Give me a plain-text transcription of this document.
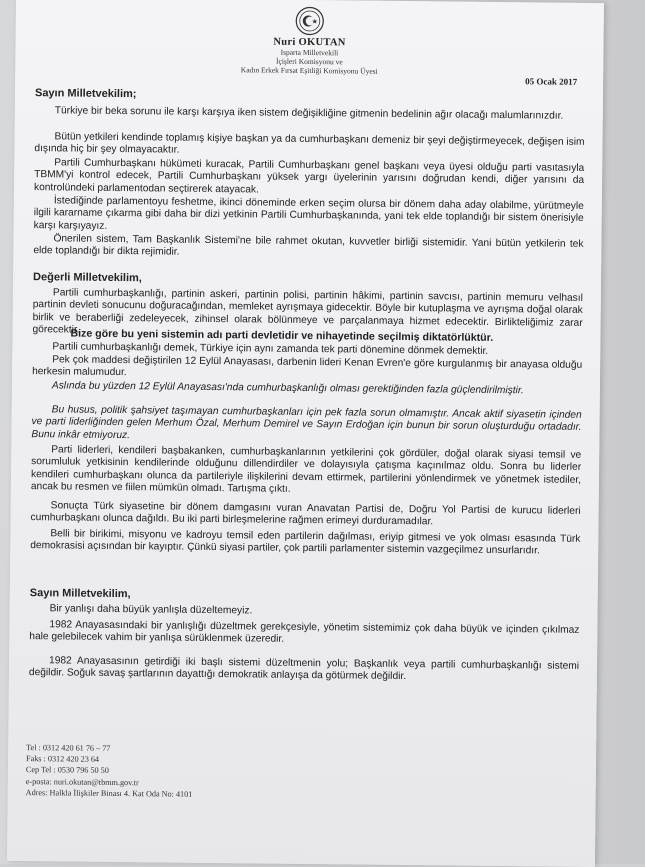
Nuri OKUTAN
Isparta Milletvekili
İçişleri Komisyonu ve
Kadın Erkek Fırsat Eşitliği Komisyonu Üyesi
05 Ocak 2017
Sayın Milletvekilim;
Türkiye bir beka sorunu ile karşı karşıya iken sistem değişikliğine gitmenin bedelinin ağır olacağı malumlarınızdır.
Bütün yetkileri kendinde toplamış kişiye başkan ya da cumhurbaşkanı demeniz bir şeyi değiştirmeyecek, değişen isim dışında hiç bir şey olmayacaktır.
Partili Cumhurbaşkanı hükümeti kuracak, Partili Cumhurbaşkanı genel başkanı veya üyesi olduğu parti vasıtasıyla TBMM'yi kontrol edecek, Partili Cumhurbaşkanı yüksek yargı üyelerinin yarısını doğrudan kendi, diğer yarısını da kontrolündeki parlamentodan seçtirerek atayacak.
İstediğinde parlamentoyu feshetme, ikinci döneminde erken seçim olursa bir dönem daha aday olabilme, yürütmeyle ilgili kararname çıkarma gibi daha bir dizi yetkinin Partili Cumhurbaşkanında, yani tek elde toplandığı bir sistem önerisiyle karşı karşıyayız.
Önerilen sistem, Tam Başkanlık Sistemi'ne bile rahmet okutan, kuvvetler birliği sistemidir. Yani bütün yetkilerin tek elde toplandığı bir dikta rejimidir.
Değerli Milletvekilim,
Partili cumhurbaşkanlığı, partinin askeri, partinin polisi, partinin hâkimi, partinin savcısı, partinin memuru velhasıl partinin devleti sonucunu doğuracağından, memleket ayrışmaya gidecektir. Böyle bir kutuplaşma ve ayrışma doğal olarak birlik ve beraberliği zedeleyecek, zihinsel olarak bölünmeye ve parçalanmaya hizmet edecektir. Birlikteliğimiz zarar görecektir.
Bize göre bu yeni sistemin adı parti devletidir ve nihayetinde seçilmiş diktatörlüktür.
Partili cumhurbaşkanlığı demek, Türkiye için aynı zamanda tek parti dönemine dönmek demektir.
Pek çok maddesi değiştirilen 12 Eylül Anayasası, darbenin lideri Kenan Evren'e göre kurgulanmış bir anayasa olduğu herkesin malumudur.
Aslında bu yüzden 12 Eylül Anayasası'nda cumhurbaşkanlığı olması gerektiğinden fazla güçlendirilmiştir.
Bu husus, politik şahsiyet taşımayan cumhurbaşkanları için pek fazla sorun olmamıştır. Ancak aktif siyasetin içinden ve parti liderliğinden gelen Merhum Özal, Merhum Demirel ve Sayın Erdoğan için bunun bir sorun oluşturduğu ortadadır. Bunu inkâr etmiyoruz.
Parti liderleri, kendileri başbakanken, cumhurbaşkanlarının yetkilerini çok gördüler, doğal olarak siyasi temsil ve sorumluluk yetkisinin kendilerinde olduğunu dillendirdiler ve dolayısıyla çatışma kaçınılmaz oldu. Sonra bu liderler kendileri cumhurbaşkanı olunca da partileriyle ilişkilerini devam ettirmek, partilerini yönlendirmek ve yönetmek istediler, ancak bu resmen ve fiilen mümkün olmadı. Tartışma çıktı.
Sonuçta Türk siyasetine bir dönem damgasını vuran Anavatan Partisi de, Doğru Yol Partisi de kurucu liderleri cumhurbaşkanı olunca dağıldı. Bu iki parti birleşmelerine rağmen erimeyi durduramadılar.
Belli bir birikimi, misyonu ve kadroyu temsil eden partilerin dağılması, eriyip gitmesi ve yok olması esasında Türk demokrasisi açısından bir kayıptır. Çünkü siyasi partiler, çok partili parlamenter sistemin vazgeçilmez unsurlarıdır.
Sayın Milletvekilim,
Bir yanlışı daha büyük yanlışla düzeltemeyiz.
1982 Anayasasındaki bir yanlışlığı düzeltmek gerekçesiyle, yönetim sistemimiz çok daha büyük ve içinden çıkılmaz hale gelebilecek vahim bir yanlışa sürüklenmek üzeredir.
1982 Anayasasının getirdiği iki başlı sistemi düzeltmenin yolu; Başkanlık veya partili cumhurbaşkanlığı sistemi değildir. Soğuk savaş şartlarının dayattığı demokratik anlayışa da götürmek değildir.
Tel : 0312 420 61 76 – 77
Faks : 0312 420 23 64
Cep Tel : 0530 796 50 50
e-posta: nuri.okutan@tbmm.gov.tr
Adres: Halkla İlişkiler Binası 4. Kat Oda No: 4101
